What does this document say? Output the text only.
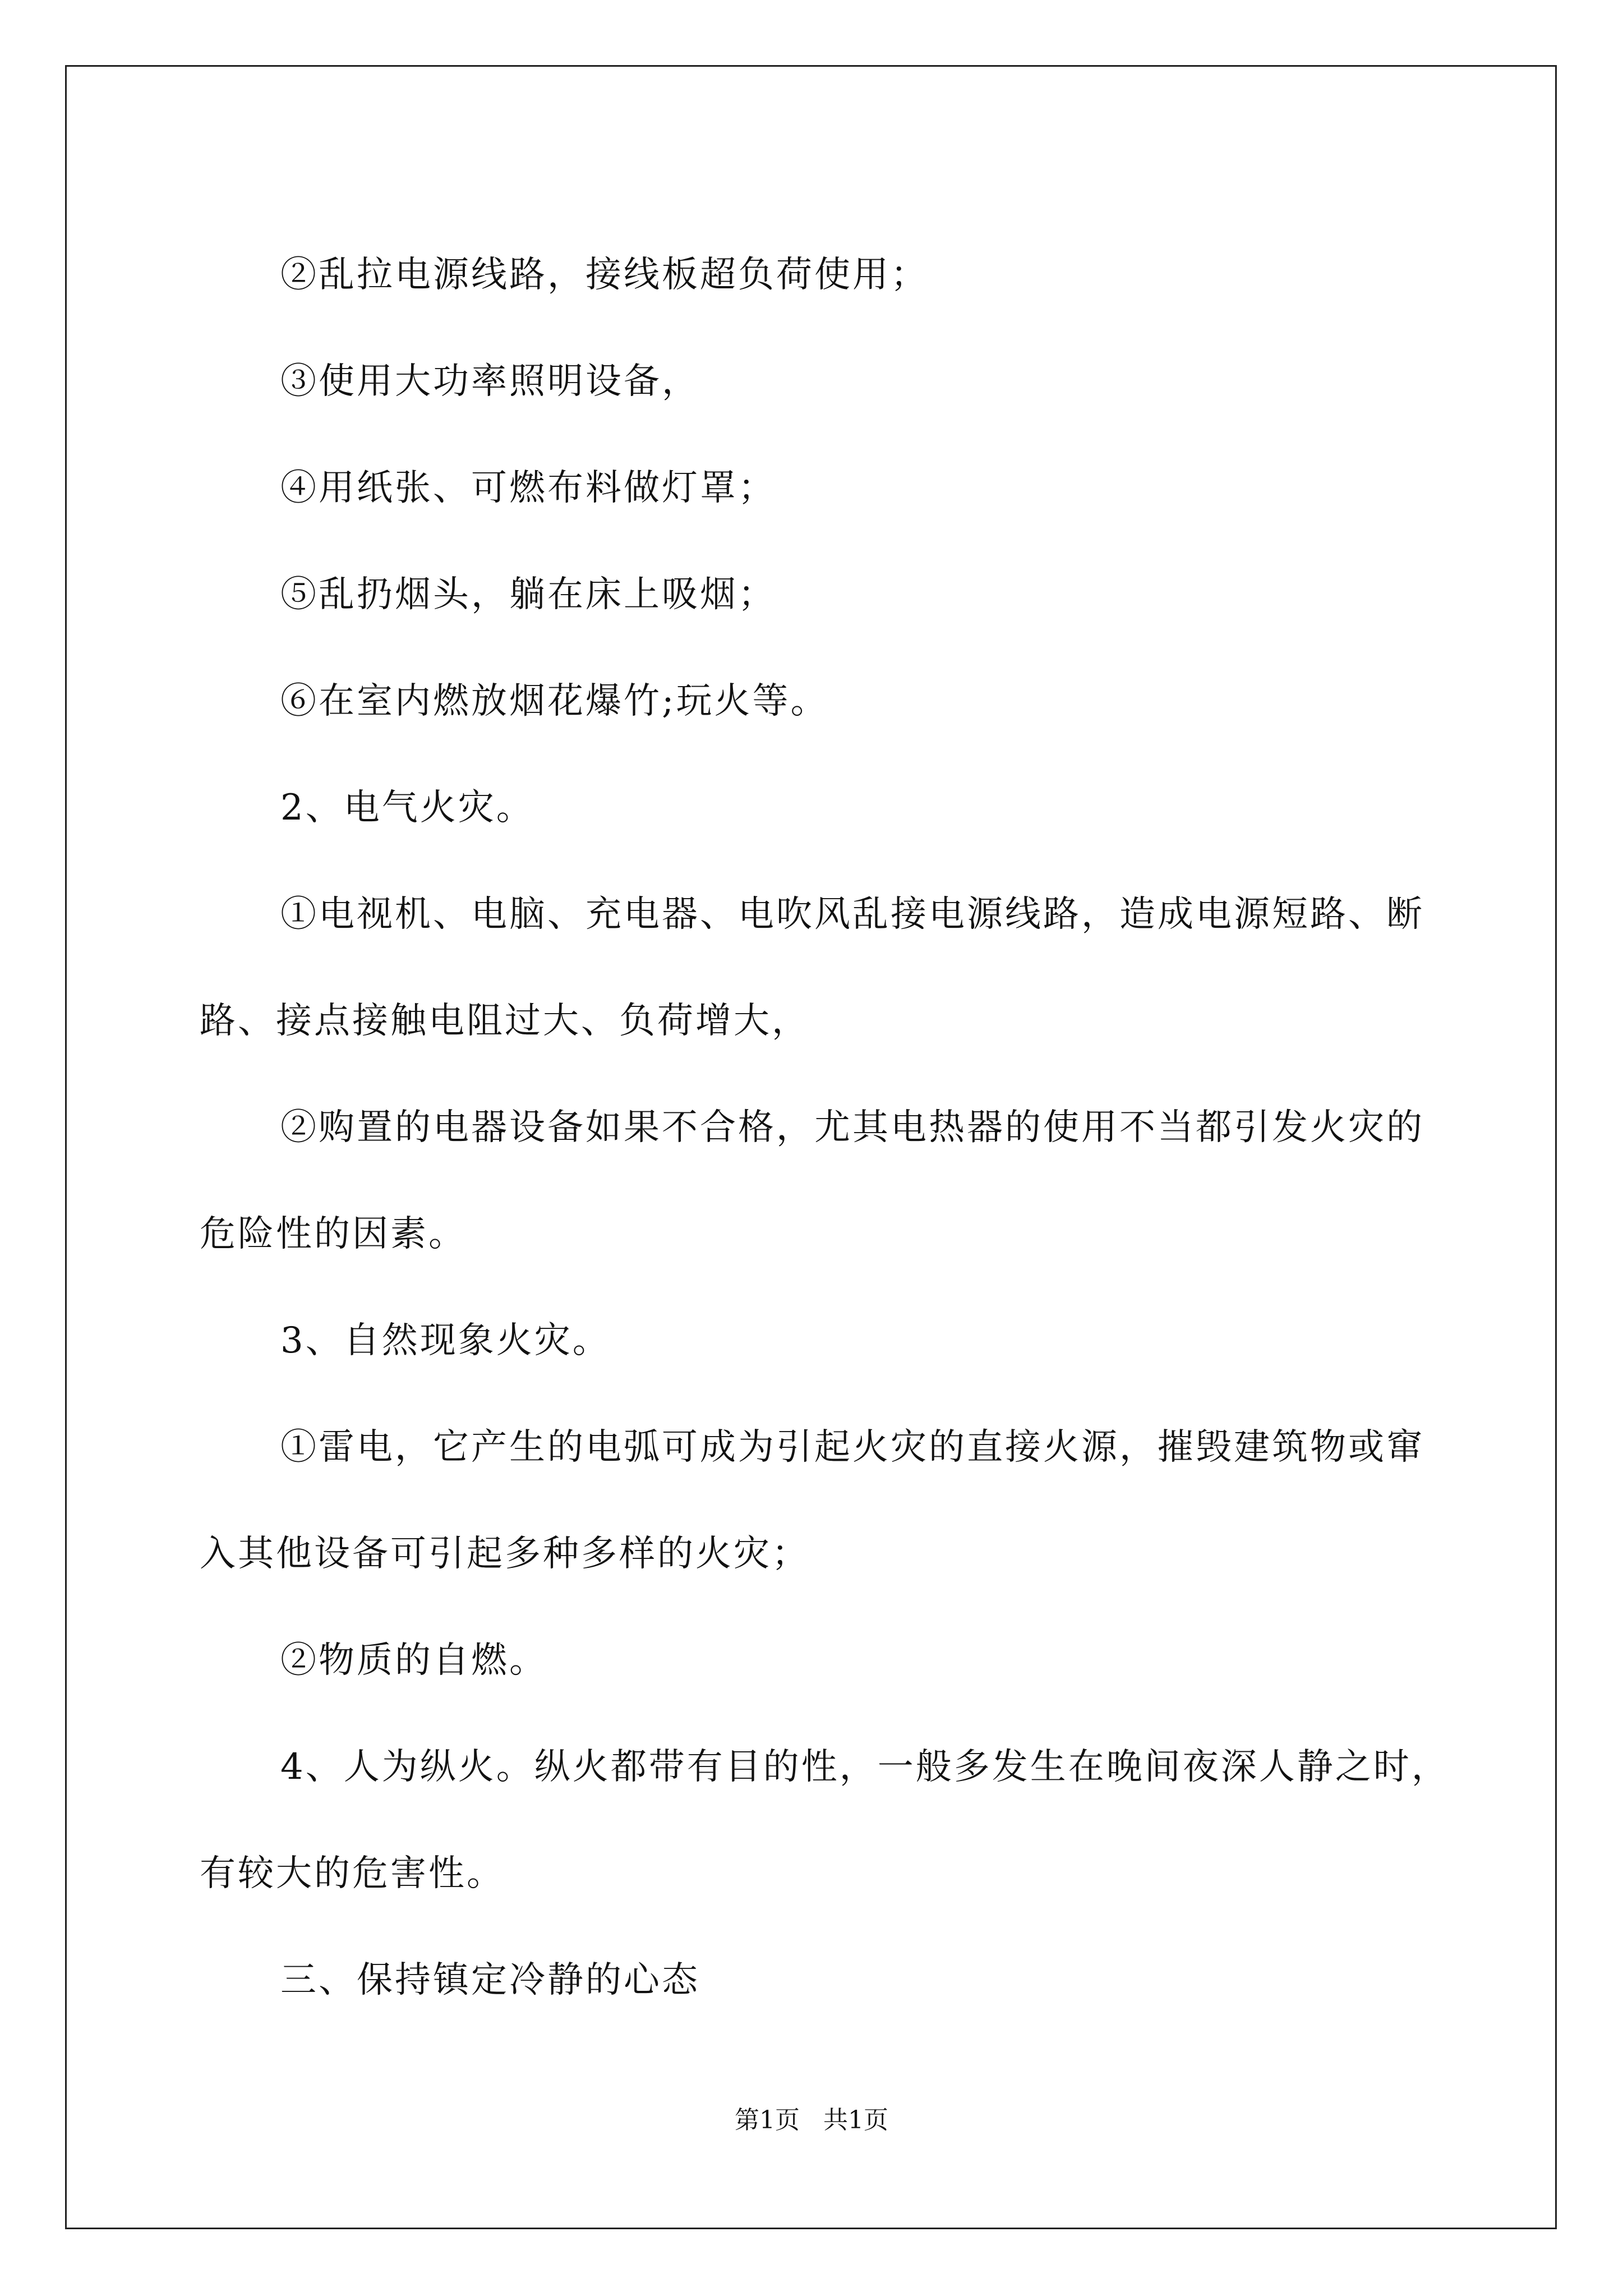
②乱拉电源线路，接线板超负荷使用；

③使用大功率照明设备，

④用纸张、可燃布料做灯罩；

⑤乱扔烟头，躺在床上吸烟；

⑥在室内燃放烟花爆竹;玩火等。

2、电气火灾。

①电视机、电脑、充电器、电吹风乱接电源线路，造成电源短路、断路、接点接触电阻过大、负荷增大，

②购置的电器设备如果不合格，尤其电热器的使用不当都引发火灾的危险性的因素。

3、自然现象火灾。

①雷电，它产生的电弧可成为引起火灾的直接火源，摧毁建筑物或窜入其他设备可引起多种多样的火灾；

②物质的自燃。

4、人为纵火。纵火都带有目的性，一般多发生在晚间夜深人静之时，有较大的危害性。

三、保持镇定冷静的心态

第1页 共1页
